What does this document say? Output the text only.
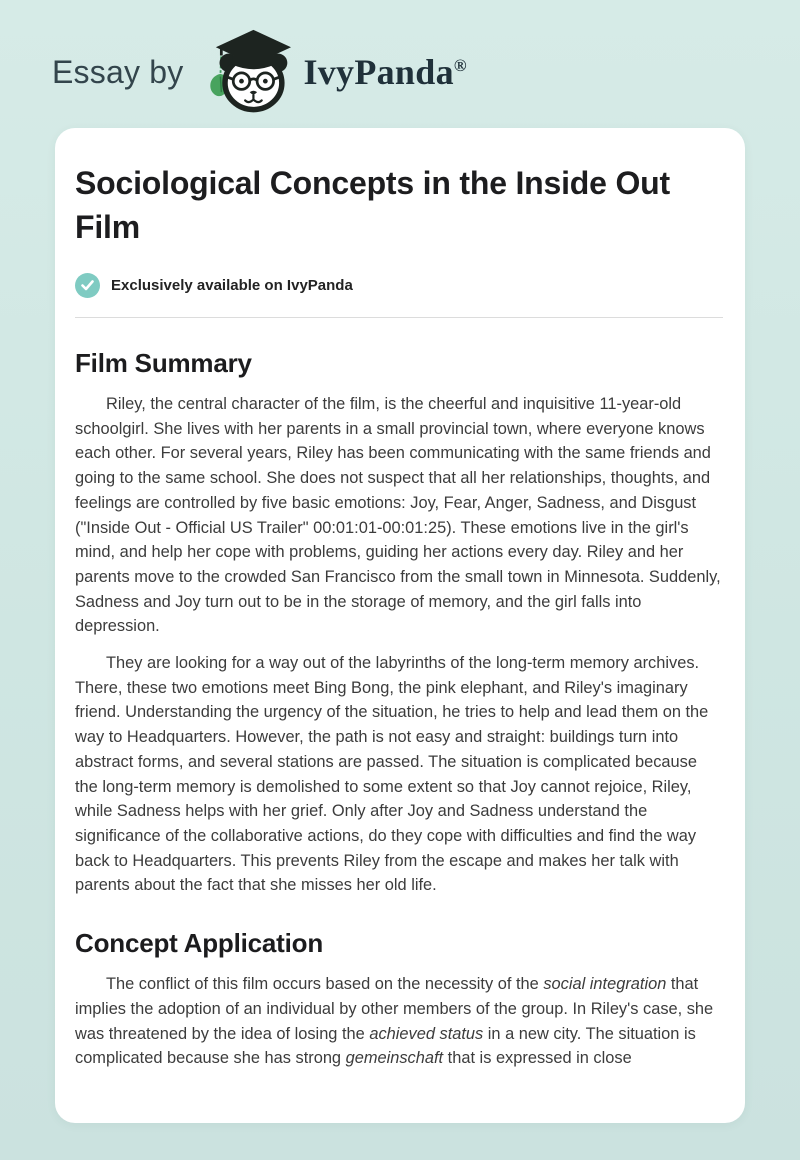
Essay by	IvyPanda®
Sociological Concepts in the Inside Out Film
Exclusively available on IvyPanda
Film Summary

Riley, the central character of the film, is the cheerful and inquisitive 11-year-old schoolgirl. She lives with her parents in a small provincial town, where everyone knows each other. For several years, Riley has been communicating with the same friends and going to the same school. She does not suspect that all her relationships, thoughts, and feelings are controlled by five basic emotions: Joy, Fear, Anger, Sadness, and Disgust ("Inside Out - Official US Trailer" 00:01:01-00:01:25). These emotions live in the girl's mind, and help her cope with problems, guiding her actions every day. Riley and her parents move to the crowded San Francisco from the small town in Minnesota. Suddenly, Sadness and Joy turn out to be in the storage of memory, and the girl falls into depression.

They are looking for a way out of the labyrinths of the long-term memory archives. There, these two emotions meet Bing Bong, the pink elephant, and Riley's imaginary friend. Understanding the urgency of the situation, he tries to help and lead them on the way to Headquarters. However, the path is not easy and straight: buildings turn into abstract forms, and several stations are passed. The situation is complicated because the long-term memory is demolished to some extent so that Joy cannot rejoice, Riley, while Sadness helps with her grief. Only after Joy and Sadness understand the significance of the collaborative actions, do they cope with difficulties and find the way back to Headquarters. This prevents Riley from the escape and makes her talk with parents about the fact that she misses her old life.

Concept Application

The conflict of this film occurs based on the necessity of the social integration that implies the adoption of an individual by other members of the group. In Riley's case, she was threatened by the idea of losing the achieved status in a new city. The situation is complicated because she has strong gemeinschaft that is expressed in close
